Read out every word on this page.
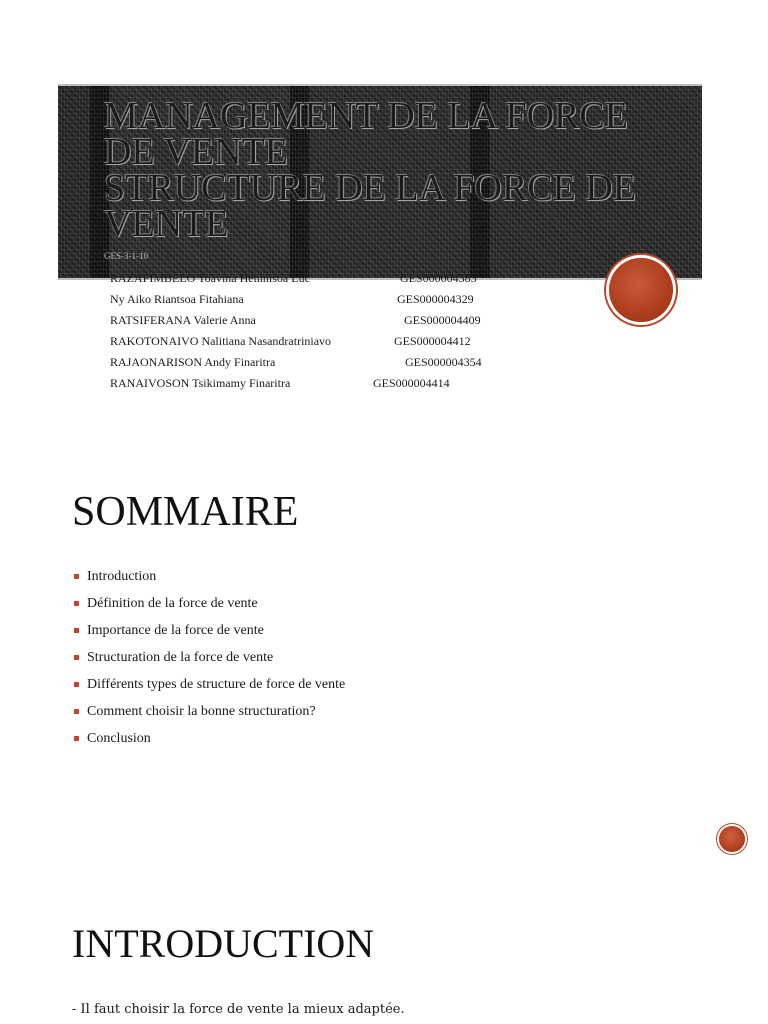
MANAGEMENT DE LA FORCE
DE VENTE
STRUCTURE DE LA FORCE DE
VENTE
GES-3-1-10
RAZAFIMBELO Toavina Heninisoa Luc	GES000004383
Ny Aiko Riantsoa Fitahiana	GES000004329
RATSIFERANA Valerie Anna	GES000004409
RAKOTONAIVO Nalitiana Nasandratriniavo	GES000004412
RAJAONARISON Andy Finaritra	GES000004354
RANAIVOSON Tsikimamy Finaritra	GES000004414
SOMMAIRE
Introduction
Définition de la force de vente
Importance de la force de vente
Structuration de la force de vente
Différents types de structure de force de vente
Comment choisir la bonne structuration?
Conclusion
INTRODUCTION
- Il faut choisir la force de vente la mieux adaptée.
